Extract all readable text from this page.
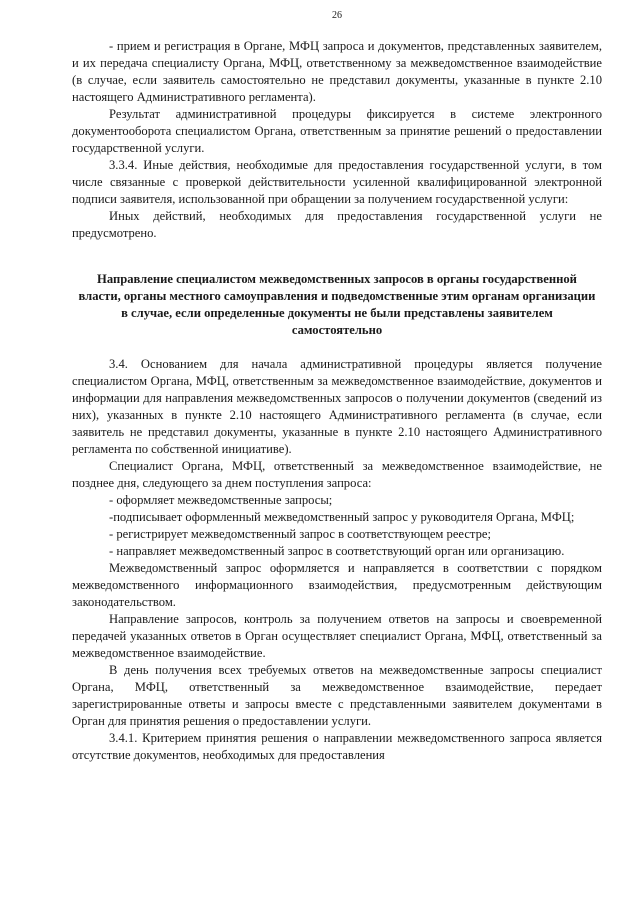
26

- прием и регистрация в Органе, МФЦ запроса и документов, представленных заявителем, и их передача специалисту Органа, МФЦ, ответственному за межведомственное взаимодействие (в случае, если заявитель самостоятельно не представил документы, указанные в пункте 2.10 настоящего Административного регламента).

Результат административной процедуры фиксируется в системе электронного документооборота специалистом Органа, ответственным за принятие решений о предоставлении государственной услуги.

3.3.4. Иные действия, необходимые для предоставления государственной услуги, в том числе связанные с проверкой действительности усиленной квалифицированной электронной подписи заявителя, использованной при обращении за получением государственной услуги:

Иных действий, необходимых для предоставления государственной услуги не предусмотрено.

Направление специалистом межведомственных запросов в органы государственной власти, органы местного самоуправления и подведомственные этим органам организации в случае, если определенные документы не были представлены заявителем самостоятельно

3.4. Основанием для начала административной процедуры является получение специалистом Органа, МФЦ, ответственным за межведомственное взаимодействие, документов и информации для направления межведомственных запросов о получении документов (сведений из них), указанных в пункте 2.10 настоящего Административного регламента (в случае, если заявитель не представил документы, указанные в пункте 2.10 настоящего Административного регламента по собственной инициативе).

Специалист Органа, МФЦ, ответственный за межведомственное взаимодействие, не позднее дня, следующего за днем поступления запроса:

- оформляет межведомственные запросы;

-подписывает оформленный межведомственный запрос у руководителя Органа, МФЦ;

- регистрирует межведомственный запрос в соответствующем реестре;

- направляет межведомственный запрос в соответствующий орган или организацию.

Межведомственный запрос оформляется и направляется в соответствии с порядком межведомственного информационного взаимодействия, предусмотренным действующим законодательством.

Направление запросов, контроль за получением ответов на запросы и своевременной передачей указанных ответов в Орган осуществляет специалист Органа, МФЦ, ответственный за межведомственное взаимодействие.

В день получения всех требуемых ответов на межведомственные запросы специалист Органа, МФЦ, ответственный за межведомственное взаимодействие, передает зарегистрированные ответы и запросы вместе с представленными заявителем документами в Орган для принятия решения о предоставлении услуги.

3.4.1. Критерием принятия решения о направлении межведомственного запроса является отсутствие документов, необходимых для предоставления
